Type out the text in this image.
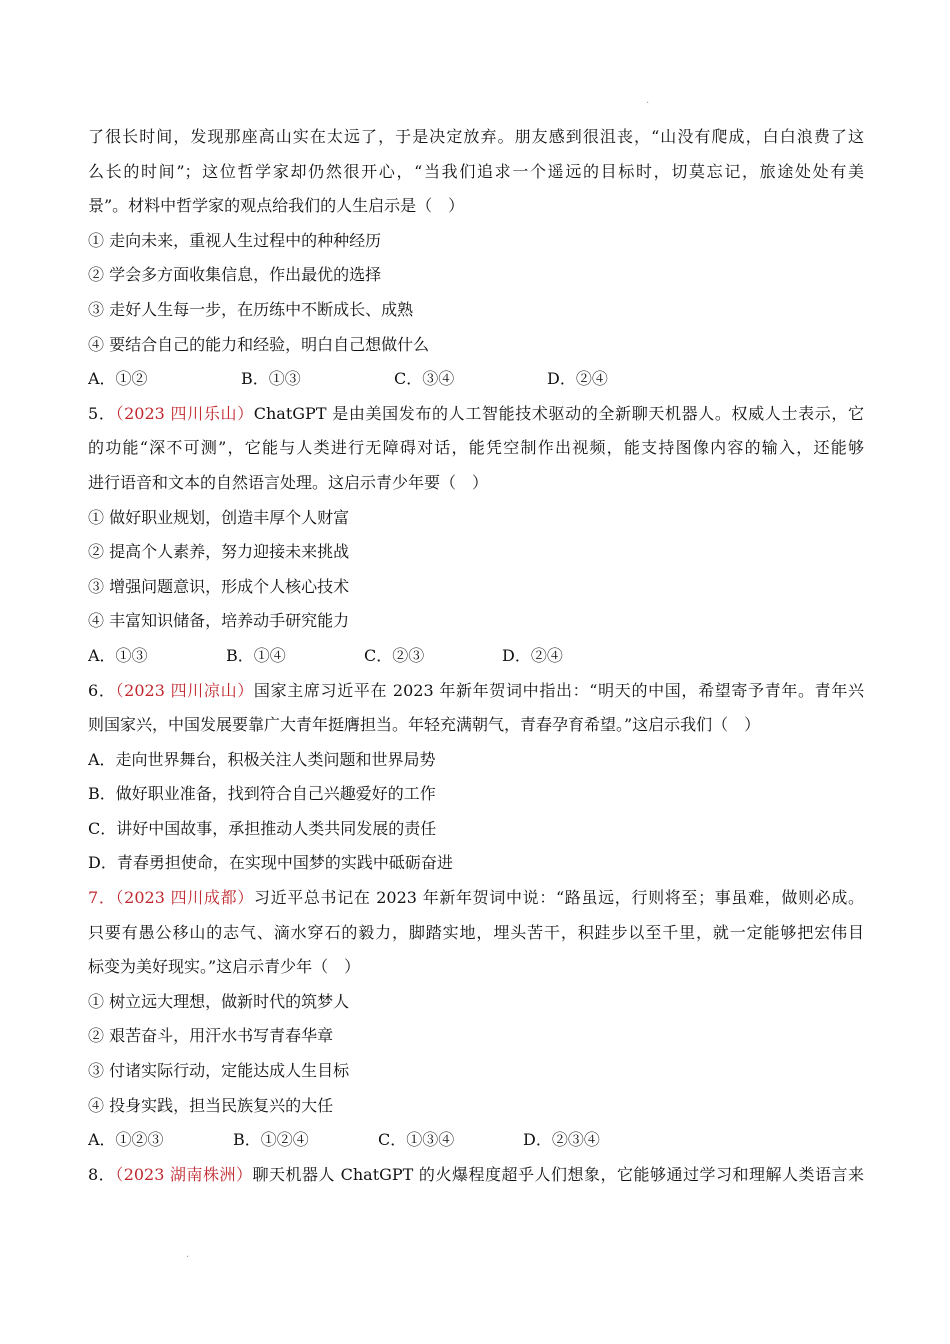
.
了很长时间，发现那座高山实在太远了，于是决定放弃。朋友感到很沮丧，“山没有爬成，白白浪费了这
么长的时间”；这位哲学家却仍然很开心，“当我们追求一个遥远的目标时，切莫忘记，旅途处处有美
景”。材料中哲学家的观点给我们的人生启示是（　）
① 走向未来，重视人生过程中的种种经历
② 学会多方面收集信息，作出最优的选择
③ 走好人生每一步，在历练中不断成长、成熟
④ 要结合自己的能力和经验，明白自己想做什么
A．①②	B．①③	C．③④	D．②④
5．（2023 四川乐山）ChatGPT 是由美国发布的人工智能技术驱动的全新聊天机器人。权威人士表示，它
的功能“深不可测”，它能与人类进行无障碍对话，能凭空制作出视频，能支持图像内容的输入，还能够
进行语音和文本的自然语言处理。这启示青少年要（　）
① 做好职业规划，创造丰厚个人财富
② 提高个人素养，努力迎接未来挑战
③ 增强问题意识，形成个人核心技术
④ 丰富知识储备，培养动手研究能力
A．①③	B．①④	C．②③	D．②④
6．（2023 四川凉山）国家主席习近平在 2023 年新年贺词中指出：“明天的中国，希望寄予青年。青年兴
则国家兴，中国发展要靠广大青年挺膺担当。年轻充满朝气，青春孕育希望。”这启示我们（　）
A．走向世界舞台，积极关注人类问题和世界局势
B．做好职业准备，找到符合自己兴趣爱好的工作
C．讲好中国故事，承担推动人类共同发展的责任
D．青春勇担使命，在实现中国梦的实践中砥砺奋进
7．（2023 四川成都）习近平总书记在 2023 年新年贺词中说：“路虽远，行则将至；事虽难，做则必成。
只要有愚公移山的志气、滴水穿石的毅力，脚踏实地，埋头苦干，积跬步以至千里，就一定能够把宏伟目
标变为美好现实。”这启示青少年（　）
① 树立远大理想，做新时代的筑梦人
② 艰苦奋斗，用汗水书写青春华章
③ 付诸实际行动，定能达成人生目标
④ 投身实践，担当民族复兴的大任
A．①②③	B．①②④	C．①③④	D．②③④
8．（2023 湖南株洲）聊天机器人 ChatGPT 的火爆程度超乎人们想象，它能够通过学习和理解人类语言来
.
